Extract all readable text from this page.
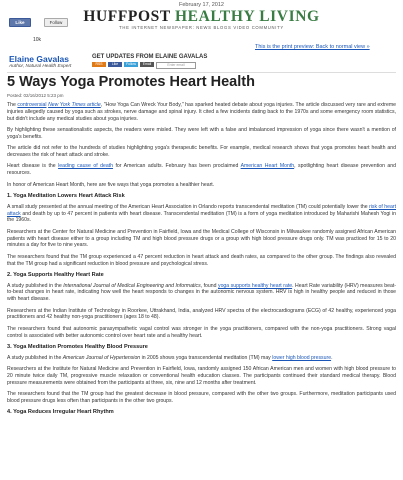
February 17, 2012
HUFFPOST HEALTHY LIVING
THE INTERNET NEWSPAPER: NEWS BLOGS VIDEO COMMUNITY
Like	Follow
10k
This is the print preview: Back to normal view »
Elaine Gavalas
Author, Natural Health Expert
GET UPDATES FROM ELAINE GAVALAS
RSS	Like	Follow	Email	Enter email
5 Ways Yoga Promotes Heart Health
Posted: 02/16/2012 5:23 pm

The controversial New York Times article, "How Yoga Can Wreck Your Body," has sparked heated debate about yoga injuries. The article discussed very rare and extreme injuries allegedly caused by yoga such as strokes, nerve damage and spinal injury. It cited a few incidents dating back to the 1970s and some emergency room statistics, but didn't include any medical studies about yoga injuries.

By highlighting these sensationalistic aspects, the readers were misled. They were left with a false and imbalanced impression of yoga since there wasn't a mention of yoga's benefits.

The article did not refer to the hundreds of studies highlighting yoga's therapeutic benefits. For example, medical research shows that yoga promotes heart health and decreases the risk of heart attack and stroke.

Heart disease is the leading cause of death for American adults. February has been proclaimed American Heart Month, spotlighting heart disease prevention and resources.

In honor of American Heart Month, here are five ways that yoga promotes a healthier heart.

1. Yoga Meditation Lowers Heart Attack Risk

A small study presented at the annual meeting of the American Heart Association in Orlando reports transcendental meditation (TM) could potentially lower the risk of heart attack and death by up to 47 percent in patients with heart disease. Transcendental meditation (TM) is a form of yoga meditation introduced by Maharishi Mahesh Yogi in the 1960s.

Researchers at the Center for Natural Medicine and Prevention in Fairfield, Iowa and the Medical College of Wisconsin in Milwaukee randomly assigned African American patients with heart disease either to a group including TM and high blood pressure drugs or a group with high blood pressure drugs only. TM was practiced for 15 to 20 minutes a day for five to nine years.

The researchers found that the TM group experienced a 47 percent reduction in heart attack and death rates, as compared to the other group. The findings also revealed that the TM group had a significant reduction in blood pressure and psychological stress.

2. Yoga Supports Healthy Heart Rate

A study published in the International Journal of Medical Engineering and Informatics, found yoga supports healthy heart rate. Heart Rate variability (HRV) measures beat-to-beat changes in heart rate, indicating how well the heart responds to changes in the autonomic nervous system. HRV is high in healthy people and reduced in those with heart disease.

Researchers at the Indian Institute of Technology in Roorkee, Uttrakhand, India, analyzed HRV spectra of the electrocardiograms (ECG) of 42 healthy, experienced yoga practitioners and 42 healthy non-yoga practitioners (ages 18 to 48).

The researchers found that autonomic parasympathetic vagal control was stronger in the yoga practitioners, compared with the non-yoga practitioners. Strong vagal control is associated with better autonomic control over heart rate and a healthy heart.

3. Yoga Meditation Promotes Healthy Blood Pressure

A study published in the American Journal of Hypertension in 2005 shows yoga transcendental meditation (TM) may lower high blood pressure.

Researchers at the Institute for Natural Medicine and Prevention in Fairfield, Iowa, randomly assigned 150 African American men and women with high blood pressure to 20 minute twice daily TM, progressive muscle relaxation or conventional health education classes. The participants continued their standard medical therapy. Blood pressure measurements were obtained from the participants at three, six, nine and 12 months after treatment.

The researchers found that the TM group had the greatest decrease in blood pressure, compared with the other two groups. Furthermore, meditation participants used blood pressure drugs less often than participants in the other two groups.

4. Yoga Reduces Irregular Heart Rhythm
